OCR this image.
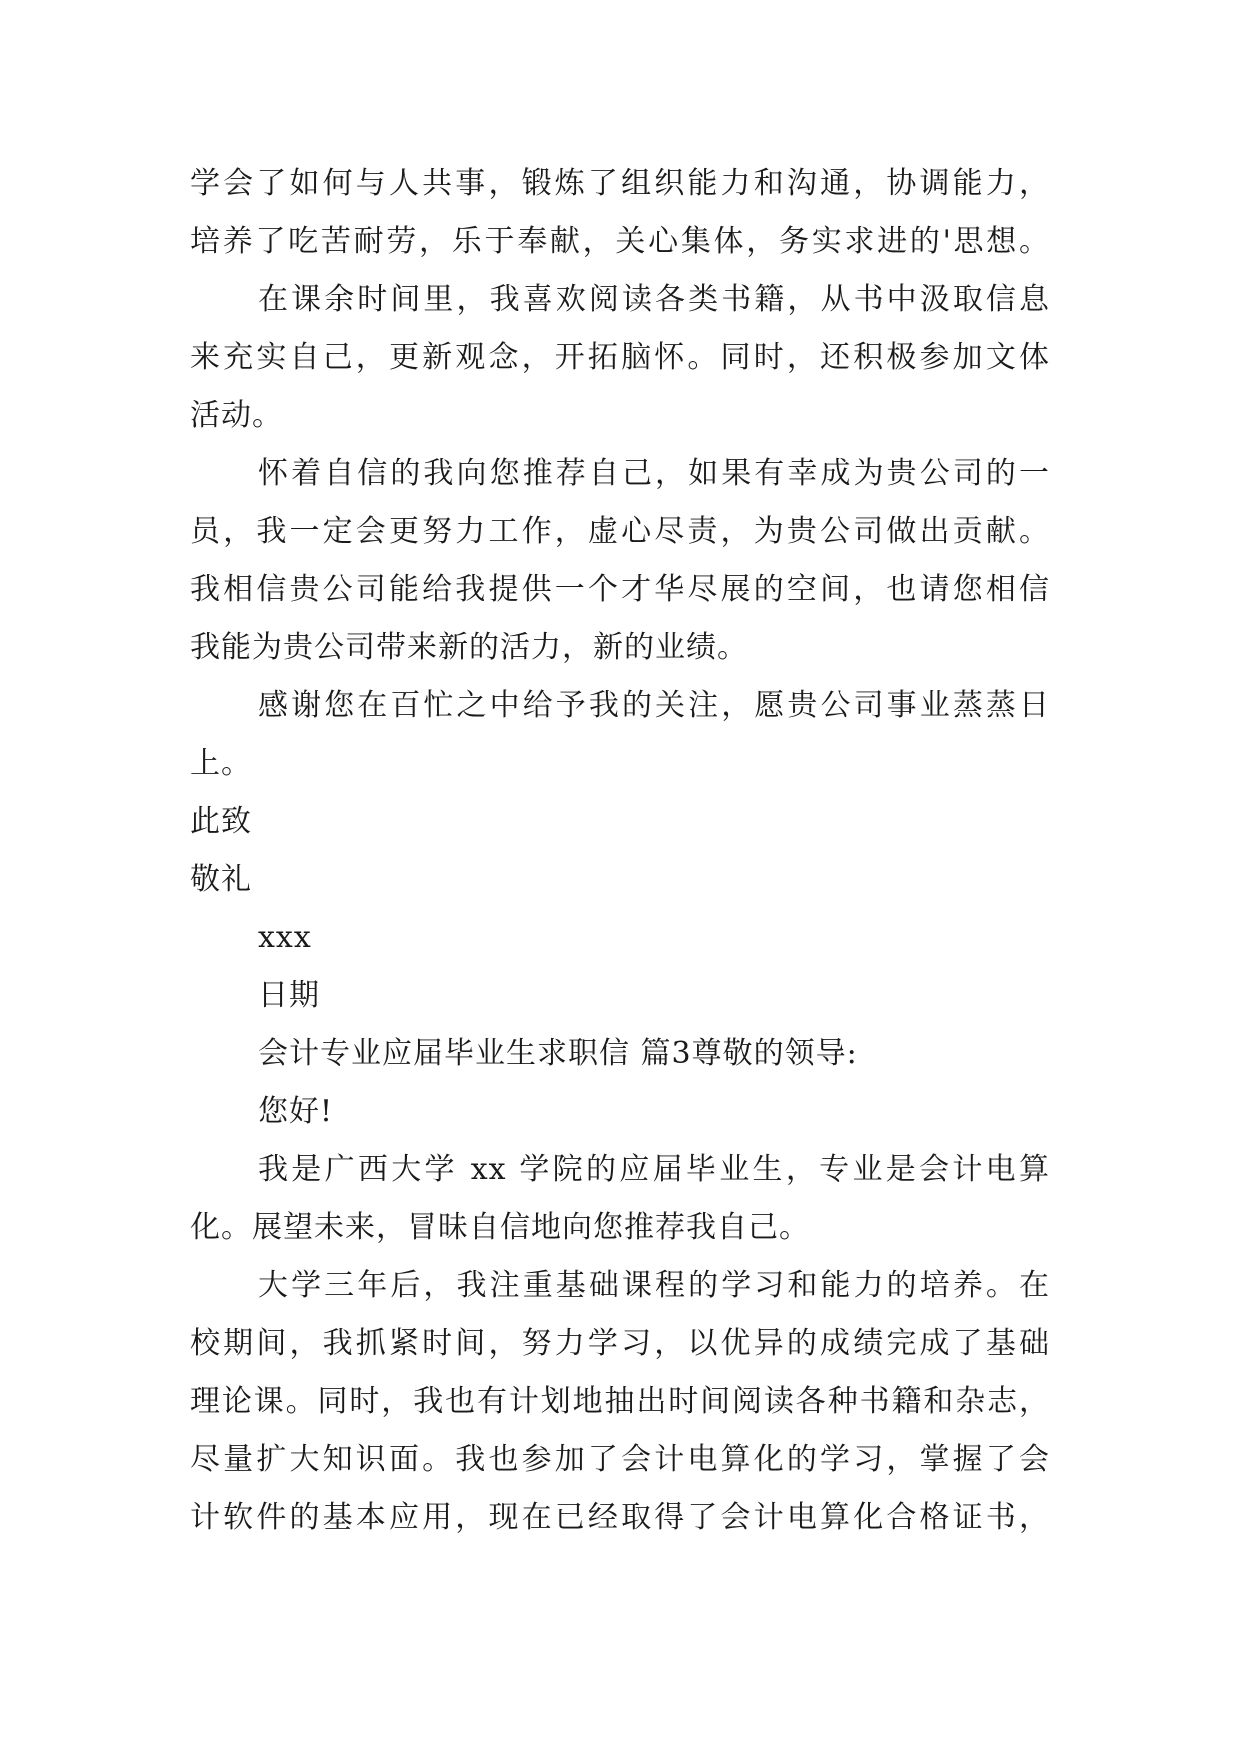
学会了如何与人共事，锻炼了组织能力和沟通，协调能力，
培养了吃苦耐劳，乐于奉献，关心集体，务实求进的'思想。
在课余时间里，我喜欢阅读各类书籍，从书中汲取信息
来充实自己，更新观念，开拓脑怀。同时，还积极参加文体
活动。
怀着自信的我向您推荐自己，如果有幸成为贵公司的一
员，我一定会更努力工作，虚心尽责，为贵公司做出贡献。
我相信贵公司能给我提供一个才华尽展的空间，也请您相信
我能为贵公司带来新的活力，新的业绩。
感谢您在百忙之中给予我的关注，愿贵公司事业蒸蒸日
上。
此致
敬礼
xxx
日期
会计专业应届毕业生求职信 篇3尊敬的领导:
您好!
我是广西大学 xx 学院的应届毕业生，专业是会计电算
化。展望未来，冒昧自信地向您推荐我自己。
大学三年后，我注重基础课程的学习和能力的培养。在
校期间，我抓紧时间，努力学习，以优异的成绩完成了基础
理论课。同时，我也有计划地抽出时间阅读各种书籍和杂志，
尽量扩大知识面。我也参加了会计电算化的学习，掌握了会
计软件的基本应用，现在已经取得了会计电算化合格证书，
